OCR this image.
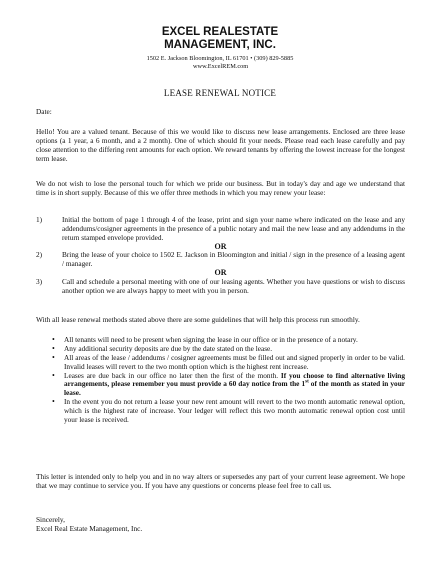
EXCEL REALESTATE
MANAGEMENT, INC.
1502 E. Jackson Bloomington, IL 61701 • (309) 829-5885
www.ExcelREM.com
LEASE RENEWAL NOTICE
Date:
Hello! You are a valued tenant. Because of this we would like to discuss new lease arrangements. Enclosed are three lease options (a 1 year, a 6 month, and a 2 month). One of which should fit your needs. Please read each lease carefully and pay close attention to the differing rent amounts for each option. We reward tenants by offering the lowest increase for the longest term lease.
We do not wish to lose the personal touch for which we pride our business. But in today's day and age we understand that time is in short supply. Because of this we offer three methods in which you may renew your lease:
1)	Initial the bottom of page 1 through 4 of the lease, print and sign your name where indicated on the lease and any addendums/cosigner agreements in the presence of a public notary and mail the new lease and any addendums in the return stamped envelope provided.
OR
2)	Bring the lease of your choice to 1502 E. Jackson in Bloomington and initial / sign in the presence of a leasing agent / manager.
OR
3)	Call and schedule a personal meeting with one of our leasing agents. Whether you have questions or wish to discuss another option we are always happy to meet with you in person.
With all lease renewal methods stated above there are some guidelines that will help this process run smoothly.
•	All tenants will need to be present when signing the lease in our office or in the presence of a notary.
•	Any additional security deposits are due by the date stated on the lease.
•	All areas of the lease / addendums / cosigner agreements must be filled out and signed properly in order to be valid. Invalid leases will revert to the two month option which is the highest rent increase.
•	Leases are due back in our office no later then the first of the month. If you choose to find alternative living arrangements, please remember you must provide a 60 day notice from the 1st of the month as stated in your lease.
•	In the event you do not return a lease your new rent amount will revert to the two month automatic renewal option, which is the highest rate of increase. Your ledger will reflect this two month automatic renewal option cost until your lease is received.
This letter is intended only to help you and in no way alters or supersedes any part of your current lease agreement. We hope that we may continue to service you. If you have any questions or concerns please feel free to call us.
Sincerely,
Excel Real Estate Management, Inc.
